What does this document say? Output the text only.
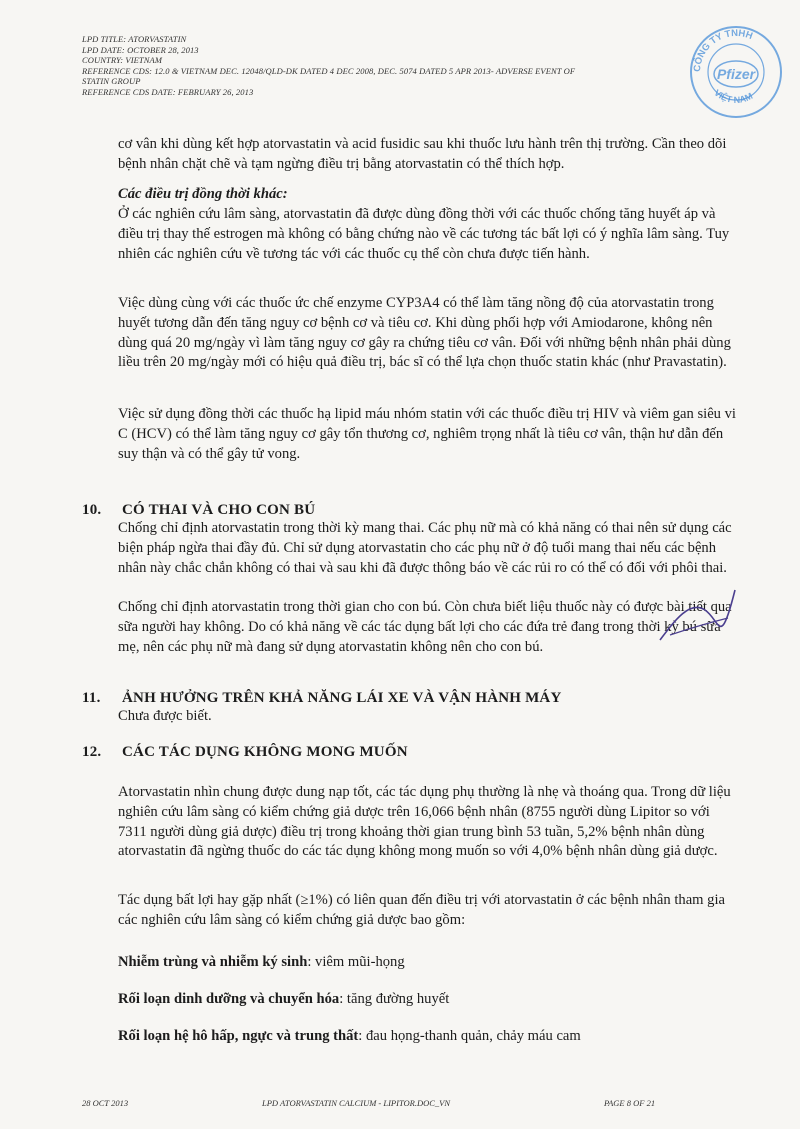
LPD TITLE: ATORVASTATIN
LPD DATE: OCTOBER 28, 2013
COUNTRY: VIETNAM
REFERENCE CDS: 12.0 & VIETNAM DEC. 12048/QLD-DK DATED 4 DEC 2008, DEC. 5074 DATED 5 APR 2013- ADVERSE EVENT OF
STATIN GROUP
REFERENCE CDS DATE: FEBRUARY 26, 2013
CÔNG TY TNHH
VIỆT NAM
Pfizer
cơ vân khi dùng kết hợp atorvastatin và acid fusidic sau khi thuốc lưu hành trên thị trường. Cần theo dõi bệnh nhân chặt chẽ và tạm ngừng điều trị bằng atorvastatin có thể thích hợp.
Các điều trị đồng thời khác:
Ở các nghiên cứu lâm sàng, atorvastatin đã được dùng đồng thời với các thuốc chống tăng huyết áp và điều trị thay thế estrogen mà không có bằng chứng nào về các tương tác bất lợi có ý nghĩa lâm sàng. Tuy nhiên các nghiên cứu về tương tác với các thuốc cụ thể còn chưa được tiến hành.
Việc dùng cùng với các thuốc ức chế enzyme CYP3A4 có thể làm tăng nồng độ của atorvastatin trong huyết tương dẫn đến tăng nguy cơ bệnh cơ và tiêu cơ. Khi dùng phối hợp với Amiodarone, không nên dùng quá 20 mg/ngày vì làm tăng nguy cơ gây ra chứng tiêu cơ vân. Đối với những bệnh nhân phải dùng liều trên 20 mg/ngày mới có hiệu quả điều trị, bác sĩ có thể lựa chọn thuốc statin khác (như Pravastatin).
Việc sử dụng đồng thời các thuốc hạ lipid máu nhóm statin với các thuốc điều trị HIV và viêm gan siêu vi C (HCV) có thể làm tăng nguy cơ gây tổn thương cơ, nghiêm trọng nhất là tiêu cơ vân, thận hư dẫn đến suy thận và có thể gây tử vong.
10. CÓ THAI VÀ CHO CON BÚ
Chống chỉ định atorvastatin trong thời kỳ mang thai. Các phụ nữ mà có khả năng có thai nên sử dụng các biện pháp ngừa thai đầy đủ. Chỉ sử dụng atorvastatin cho các phụ nữ ở độ tuổi mang thai nếu các bệnh nhân này chắc chắn không có thai và sau khi đã được thông báo về các rủi ro có thể có đối với phôi thai.
Chống chỉ định atorvastatin trong thời gian cho con bú. Còn chưa biết liệu thuốc này có được bài tiết qua sữa người hay không. Do có khả năng về các tác dụng bất lợi cho các đứa trẻ đang trong thời kỳ bú sữa mẹ, nên các phụ nữ mà đang sử dụng atorvastatin không nên cho con bú.
11. ẢNH HƯỞNG TRÊN KHẢ NĂNG LÁI XE VÀ VẬN HÀNH MÁY
Chưa được biết.
12. CÁC TÁC DỤNG KHÔNG MONG MUỐN
Atorvastatin nhìn chung được dung nạp tốt, các tác dụng phụ thường là nhẹ và thoáng qua. Trong dữ liệu nghiên cứu lâm sàng có kiểm chứng giả dược trên 16,066 bệnh nhân (8755 người dùng Lipitor so với 7311 người dùng giả dược) điều trị trong khoảng thời gian trung bình 53 tuần, 5,2% bệnh nhân dùng atorvastatin đã ngừng thuốc do các tác dụng không mong muốn so với 4,0% bệnh nhân dùng giả dược.
Tác dụng bất lợi hay gặp nhất (≥1%) có liên quan đến điều trị với atorvastatin ở các bệnh nhân tham gia các nghiên cứu lâm sàng có kiểm chứng giả dược bao gồm:
Nhiễm trùng và nhiễm ký sinh: viêm mũi-họng
Rối loạn dinh dưỡng và chuyển hóa: tăng đường huyết
Rối loạn hệ hô hấp, ngực và trung thất: đau họng-thanh quản, chảy máu cam
28 OCT 2013	LPD ATORVASTATIN CALCIUM - LIPITOR.DOC_VN	PAGE 8 OF 21
